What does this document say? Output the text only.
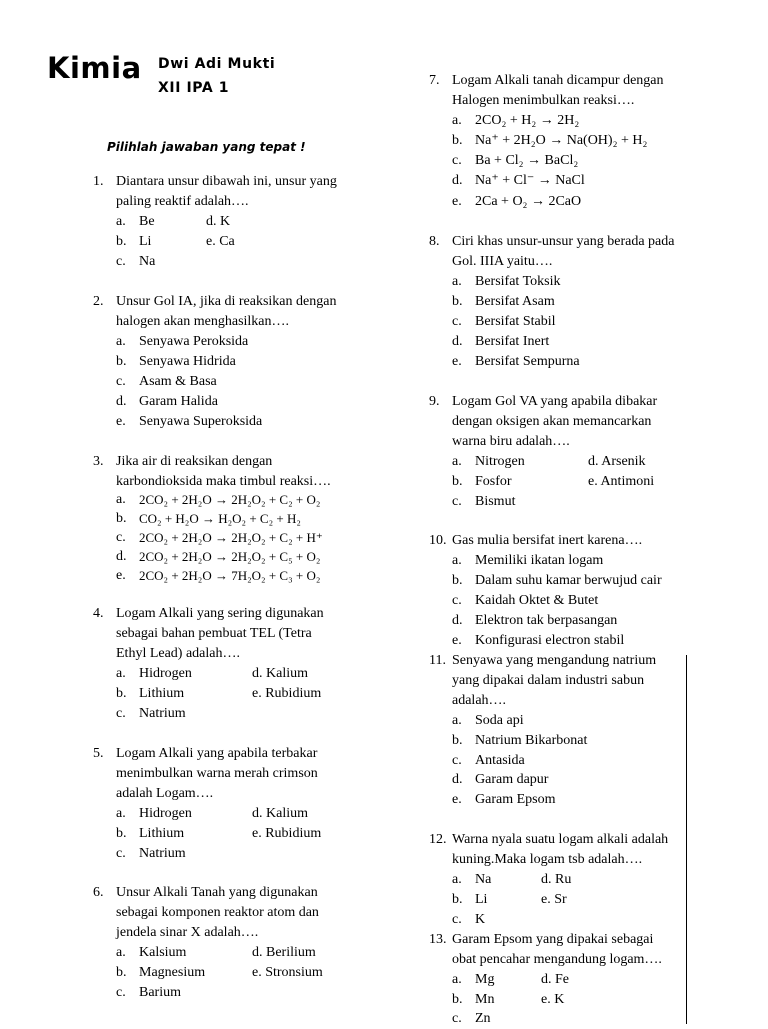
Kimia Dwi Adi Mukti
XII IPA 1
Pilihlah jawaban yang tepat !
1. Diantara unsur dibawah ini, unsur yang
paling reaktif adalah….
a. Be	d. K
b. Li	e. Ca
c. Na
2. Unsur Gol IA, jika di reaksikan dengan
halogen akan menghasilkan….
a. Senyawa Peroksida
b. Senyawa Hidrida
c. Asam & Basa
d. Garam Halida
e. Senyawa Superoksida
3. Jika air di reaksikan dengan
karbondioksida maka timbul reaksi….
a. 2CO₂ + 2H₂O → 2H₂O₂ + C₂ + O₂
b. CO₂ + H₂O → H₂O₂ + C₂ + H₂
c. 2CO₂ + 2H₂O → 2H₂O₂ + C₂ + H⁺
d. 2CO₂ + 2H₂O → 2H₂O₂ + C₅ + O₂
e. 2CO₂ + 2H₂O → 7H₂O₂ + C₃ + O₂
4. Logam Alkali yang sering digunakan
sebagai bahan pembuat TEL (Tetra
Ethyl Lead) adalah….
a. Hidrogen	d. Kalium
b. Lithium	e. Rubidium
c. Natrium
5. Logam Alkali yang apabila terbakar
menimbulkan warna merah crimson
adalah Logam….
a. Hidrogen	d. Kalium
b. Lithium	e. Rubidium
c. Natrium
6. Unsur Alkali Tanah yang digunakan
sebagai komponen reaktor atom dan
jendela sinar X adalah….
a. Kalsium	d. Berilium
b. Magnesium	e. Stronsium
c. Barium
7. Logam Alkali tanah dicampur dengan
Halogen menimbulkan reaksi….
a. 2CO₂ + H₂ → 2H₂
b. Na⁺ + 2H₂O → Na(OH)₂ + H₂
c. Ba + Cl₂ → BaCl₂
d. Na⁺ + Cl⁻ → NaCl
e. 2Ca + O₂ → 2CaO
8. Ciri khas unsur-unsur yang berada pada
Gol. IIIA yaitu….
a. Bersifat Toksik
b. Bersifat Asam
c. Bersifat Stabil
d. Bersifat Inert
e. Bersifat Sempurna
9. Logam Gol VA yang apabila dibakar
dengan oksigen akan memancarkan
warna biru adalah….
a. Nitrogen	d. Arsenik
b. Fosfor	e. Antimoni
c. Bismut
10. Gas mulia bersifat inert karena….
a. Memiliki ikatan logam
b. Dalam suhu kamar berwujud cair
c. Kaidah Oktet & Butet
d. Elektron tak berpasangan
e. Konfigurasi electron stabil
11. Senyawa yang mengandung natrium
yang dipakai dalam industri sabun
adalah….
a. Soda api
b. Natrium Bikarbonat
c. Antasida
d. Garam dapur
e. Garam Epsom
12. Warna nyala suatu logam alkali adalah
kuning.Maka logam tsb adalah….
a. Na	d. Ru
b. Li	e. Sr
c. K
13. Garam Epsom yang dipakai sebagai
obat pencahar mengandung logam….
a. Mg	d. Fe
b. Mn	e. K
c. Zn
